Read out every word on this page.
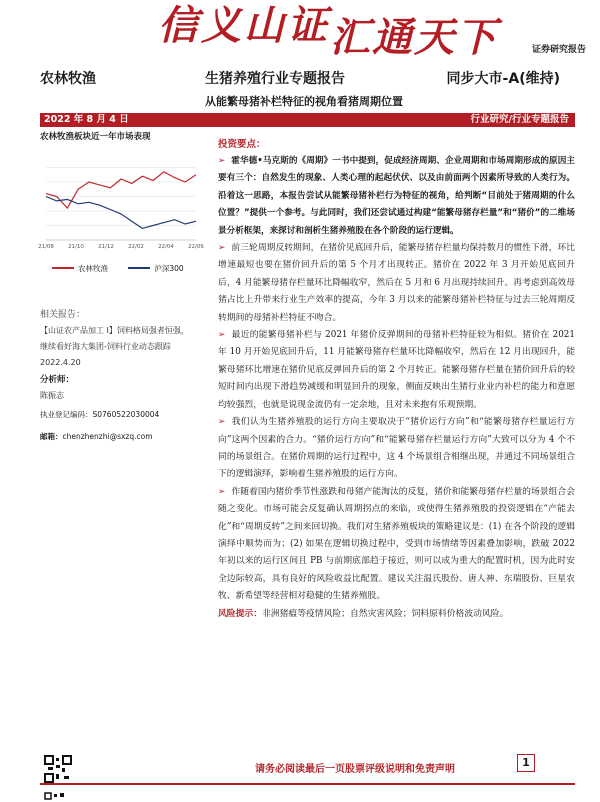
信义山证 汇通天下	证券研究报告
农林牧渔	生猪养殖行业专题报告	同步大市-A(维持)
从能繁母猪补栏特征的视角看猪周期位置
2022 年 8 月 4 日	行业研究/行业专题报告
农林牧渔板块近一年市场表现
21/08	21/10	21/12	22/02	22/04	22/06
农林牧渔
	沪深300
相关报告：
【山证农产品加工 I】饲料格局强者恒强，继续看好海大集团-饲料行业动态跟踪 2022.4.20
分析师：
陈振志
执业登记编码：S0760522030004
邮箱：chenzhenzhi@sxzq.com
投资要点：

➢ 霍华德•马克斯的《周期》一书中提到，促成经济周期、企业周期和市场周期形成的原因主要有三个：自然发生的现象、人类心理的起起伏伏、以及由前面两个因素所导致的人类行为。沿着这一思路，本报告尝试从能繁母猪补栏行为特征的视角，给判断“目前处于猪周期的什么位置？”提供一个参考。与此同时，我们还尝试通过构建“能繁母猪存栏量”和“猪价”的二维场景分析框架，来探讨和剖析生猪养殖股在各个阶段的运行逻辑。

➢ 前三轮周期反转期间，在猪价见底回升后，能繁母猪存栏量均保持数月的惯性下滑，环比增速最短也要在猪价回升后的第 5 个月才出现转正。猪价在 2022 年 3 月开始见底回升后，4 月能繁母猪存栏量环比降幅收窄，然后在 5 月和 6 月出现持续回升。再考虑到高效母猪占比上升带来行业生产效率的提高，今年 3 月以来的能繁母猪补栏特征与过去三轮周期反转期间的母猪补栏特征不吻合。

➢ 最近的能繁母猪补栏与 2021 年猪价反弹期间的母猪补栏特征较为相似。猪价在 2021 年 10 月开始见底回升后，11 月能繁母猪存栏量环比降幅收窄，然后在 12 月出现回升，能繁母猪环比增速在猪价见底反弹回升后的第 2 个月转正。能繁母猪存栏量在猪价回升后的较短时间内出现下滑趋势减缓和明显回升的现象，侧面反映出生猪行业业内补栏的能力和意愿均较强烈，也就是说现金流仍有一定余地，且对未来抱有乐观预期。

➢ 我们认为生猪养殖股的运行方向主要取决于“猪价运行方向”和“能繁母猪存栏量运行方向”这两个因素的合力。“猪价运行方向”和“能繁母猪存栏量运行方向”大致可以分为 4 个不同的场景组合。在猪价周期的运行过程中，这 4 个场景组合相继出现，并通过不同场景组合下的逻辑演绎，影响着生猪养殖股的运行方向。

➢ 作随着国内猪价季节性涨跌和母猪产能淘汰的反复，猪价和能繁母猪存栏量的场景组合会随之变化。市场可能会反复确认周期拐点的来临，或使得生猪养殖股的投资逻辑在“产能去化”和“周期反转”之间来回切换。我们对生猪养殖板块的策略建议是：(1) 在各个阶段的逻辑演绎中顺势而为；(2) 如果在逻辑切换过程中，受到市场情绪等因素叠加影响，跌破 2022 年初以来的运行区间且 PB 与前期底部趋于接近，则可以成为重大的配置时机，因为此时安全边际较高，具有良好的风险收益比配置。建议关注温氏股份、唐人神、东瑞股份、巨星农牧、新希望等经营相对稳健的生猪养殖股。

风险提示：非洲猪瘟等疫情风险；自然灾害风险；饲料原料价格波动风险。
请务必阅读最后一页股票评级说明和免责声明
1
